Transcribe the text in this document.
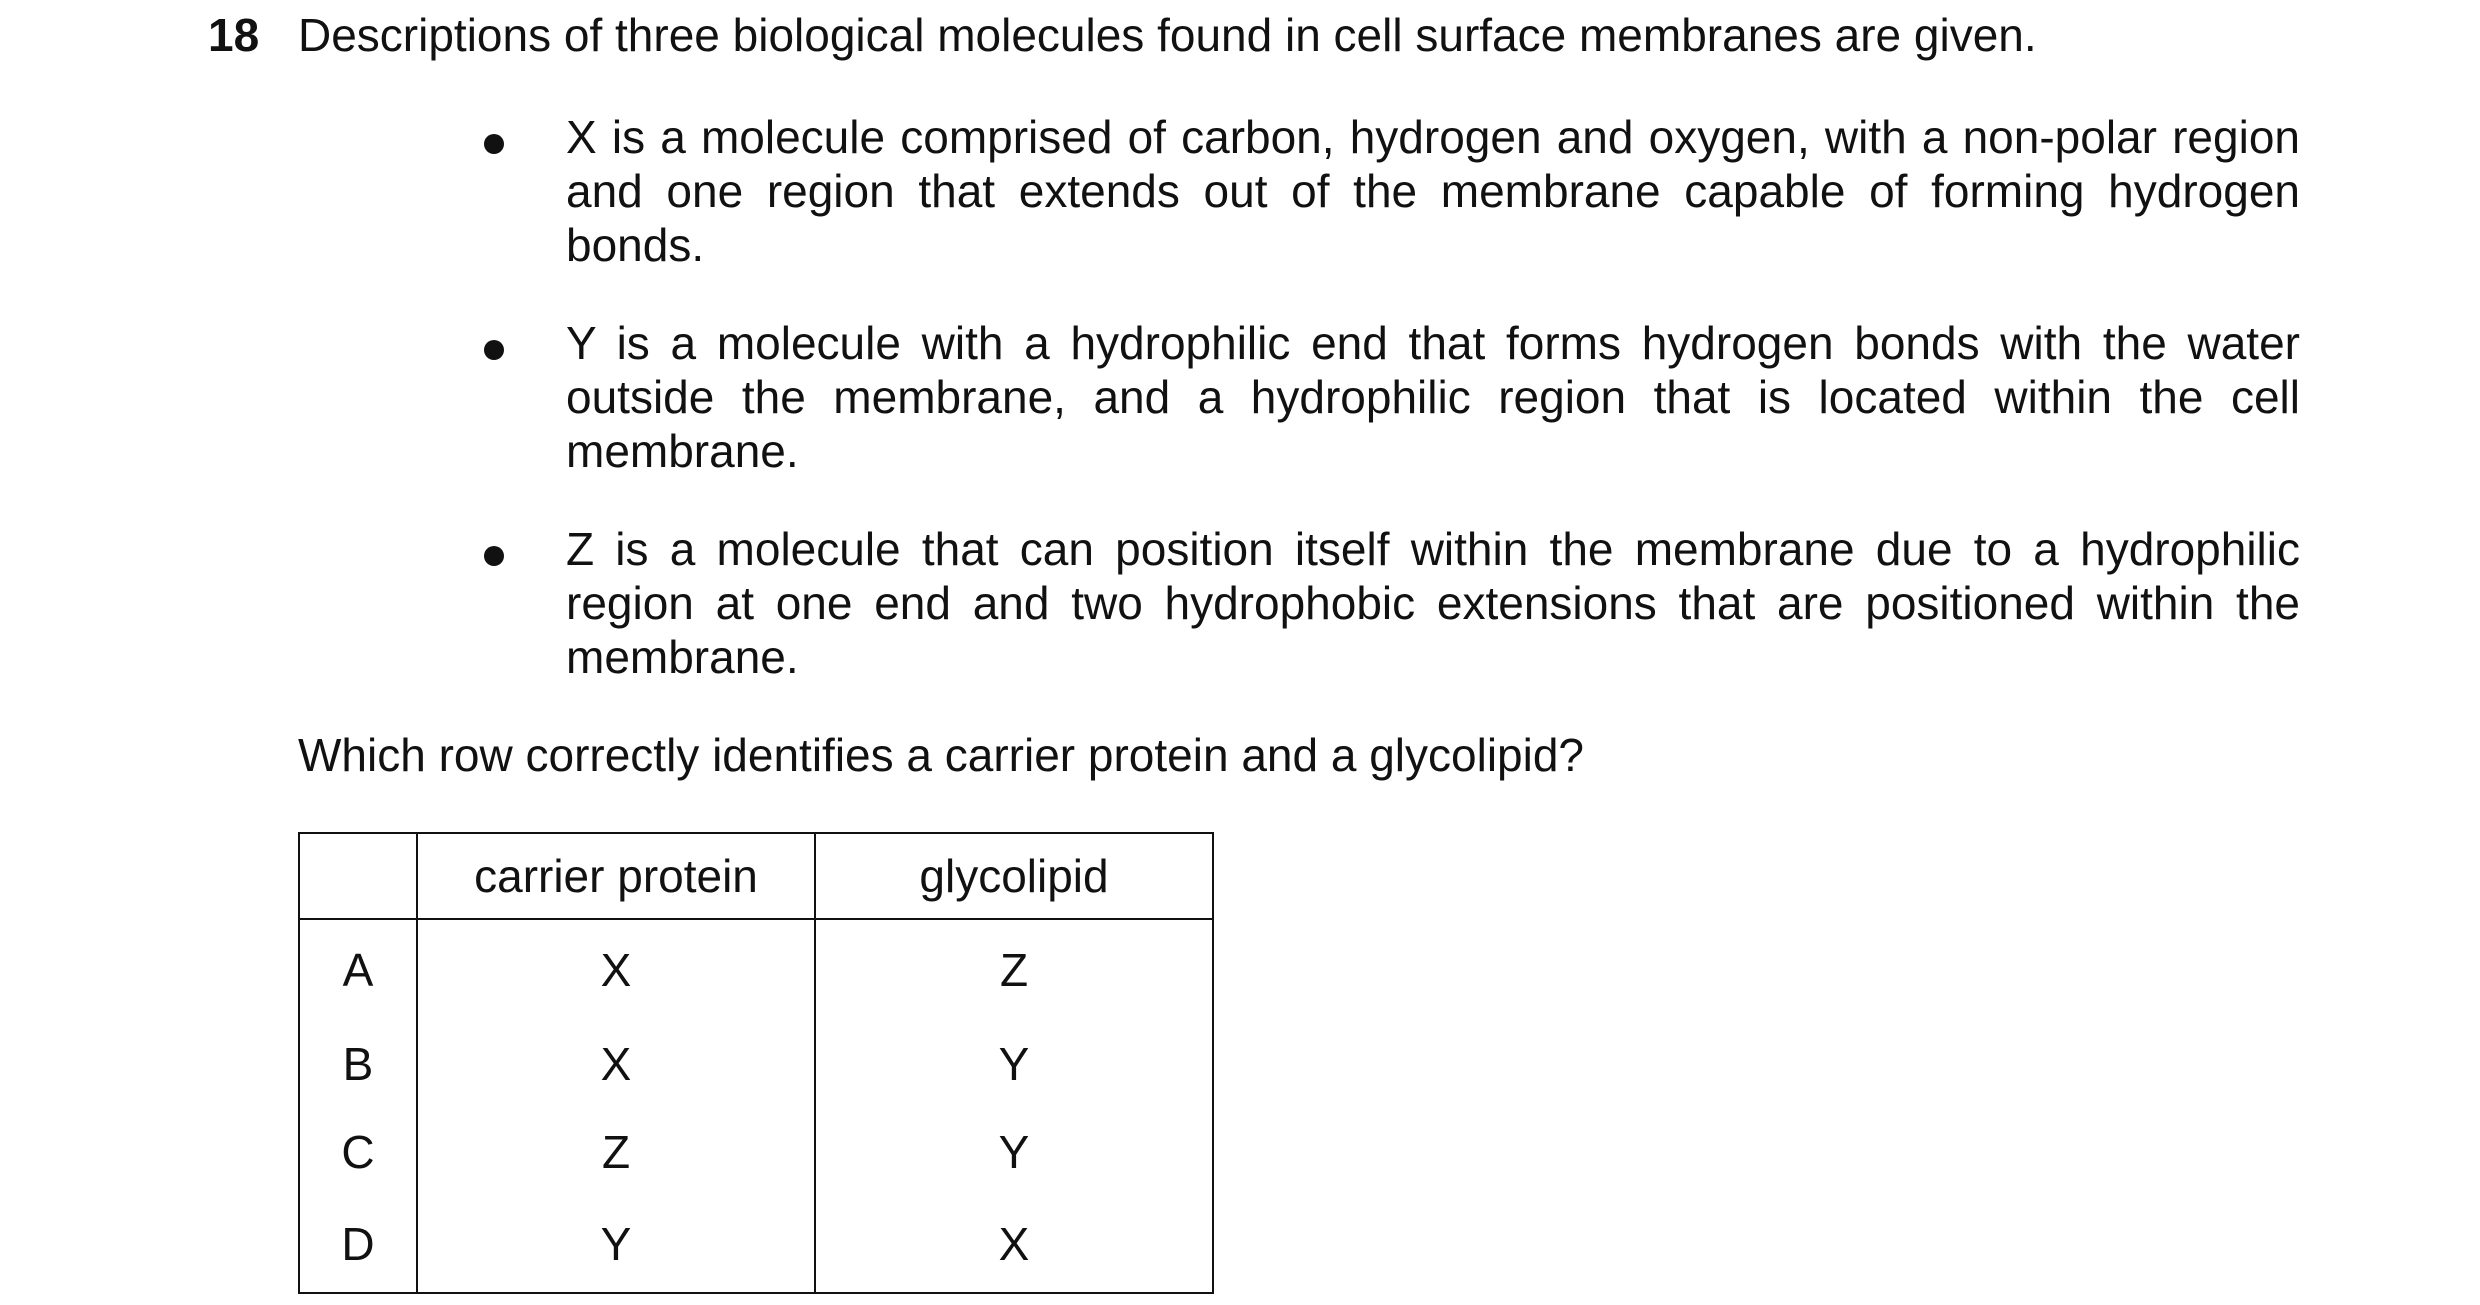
18 Descriptions of three biological molecules found in cell surface membranes are given.
X is a molecule comprised of carbon, hydrogen and oxygen, with a non-polar region and one region that extends out of the membrane capable of forming hydrogen bonds.
Y is a molecule with a hydrophilic end that forms hydrogen bonds with the water outside the membrane, and a hydrophilic region that is located within the cell membrane.
Z is a molecule that can position itself within the membrane due to a hydrophilic region at one end and two hydrophobic extensions that are positioned within the membrane.
Which row correctly identifies a carrier protein and a glycolipid?
	carrier protein	glycolipid
A	X	Z
B	X	Y
C	Z	Y
D	Y	X
